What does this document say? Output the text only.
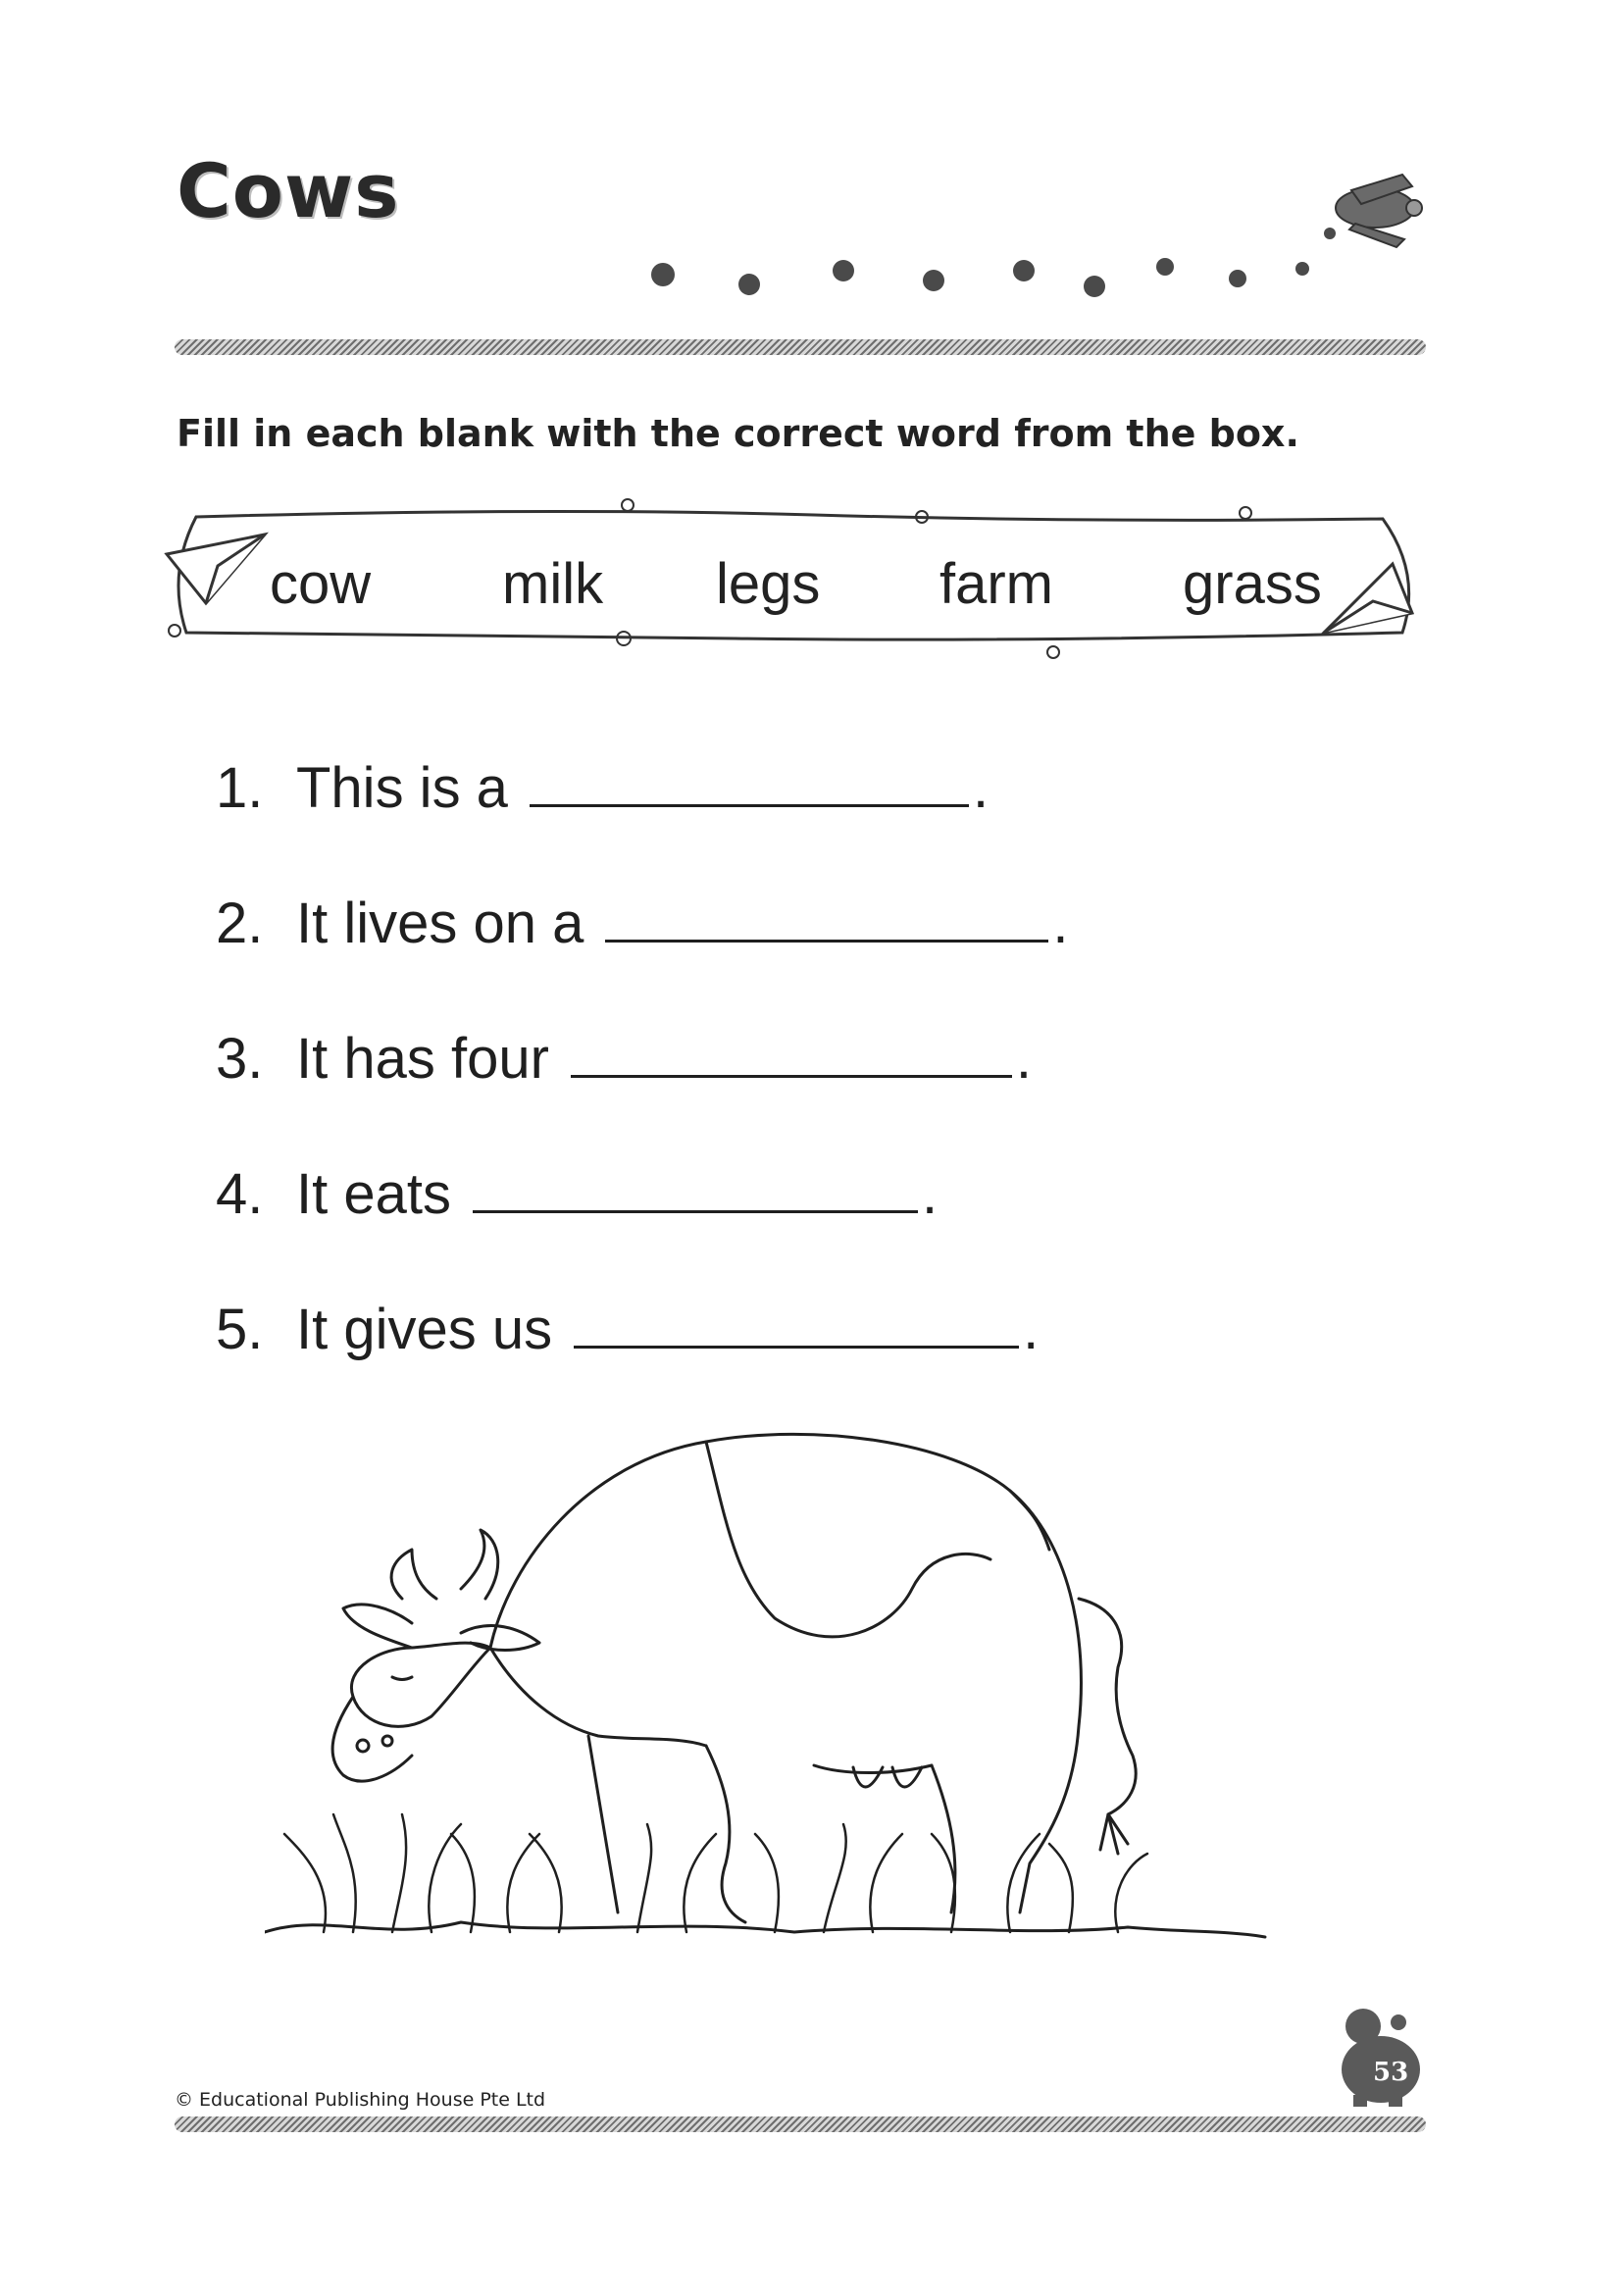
Cows
Fill in each blank with the correct word from the box.
cow milk legs farm grass
1. This is a	.
2. It lives on a	.
3. It has four	.
4. It eats	.
5. It gives us	.
© Educational Publishing House Pte Ltd
53
